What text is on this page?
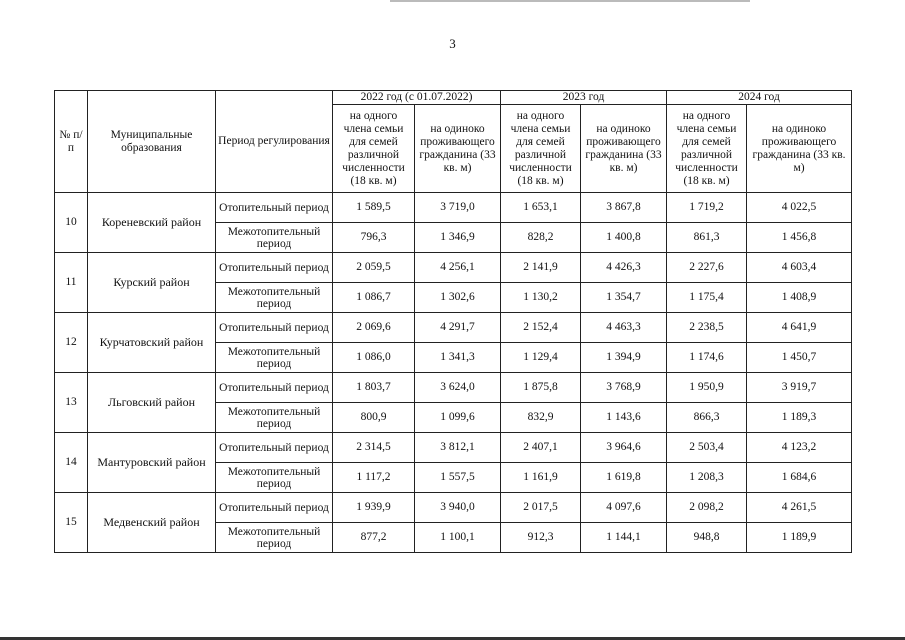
3
№ п/п	Муниципальные образования	Период регулирования	2022 год (с 01.07.2022)		2023 год		2024 год	
			на одного члена семьи для семей различной численности (18 кв. м)	на одиноко проживающего гражданина (33 кв. м)	на одного члена семьи для семей различной численности (18 кв. м)	на одиноко проживающего гражданина (33 кв. м)	на одного члена семьи для семей различной численности (18 кв. м)	на одиноко проживающего гражданина (33 кв. м)
10	Кореневский район	Отопительный период	1 589,5	3 719,0	1 653,1	3 867,8	1 719,2	4 022,5
		Межотопительный период	796,3	1 346,9	828,2	1 400,8	861,3	1 456,8
11	Курский район	Отопительный период	2 059,5	4 256,1	2 141,9	4 426,3	2 227,6	4 603,4
		Межотопительный период	1 086,7	1 302,6	1 130,2	1 354,7	1 175,4	1 408,9
12	Курчатовский район	Отопительный период	2 069,6	4 291,7	2 152,4	4 463,3	2 238,5	4 641,9
		Межотопительный период	1 086,0	1 341,3	1 129,4	1 394,9	1 174,6	1 450,7
13	Льговский район	Отопительный период	1 803,7	3 624,0	1 875,8	3 768,9	1 950,9	3 919,7
		Межотопительный период	800,9	1 099,6	832,9	1 143,6	866,3	1 189,3
14	Мантуровский район	Отопительный период	2 314,5	3 812,1	2 407,1	3 964,6	2 503,4	4 123,2
		Межотопительный период	1 117,2	1 557,5	1 161,9	1 619,8	1 208,3	1 684,6
15	Медвенский район	Отопительный период	1 939,9	3 940,0	2 017,5	4 097,6	2 098,2	4 261,5
		Межотопительный период	877,2	1 100,1	912,3	1 144,1	948,8	1 189,9
